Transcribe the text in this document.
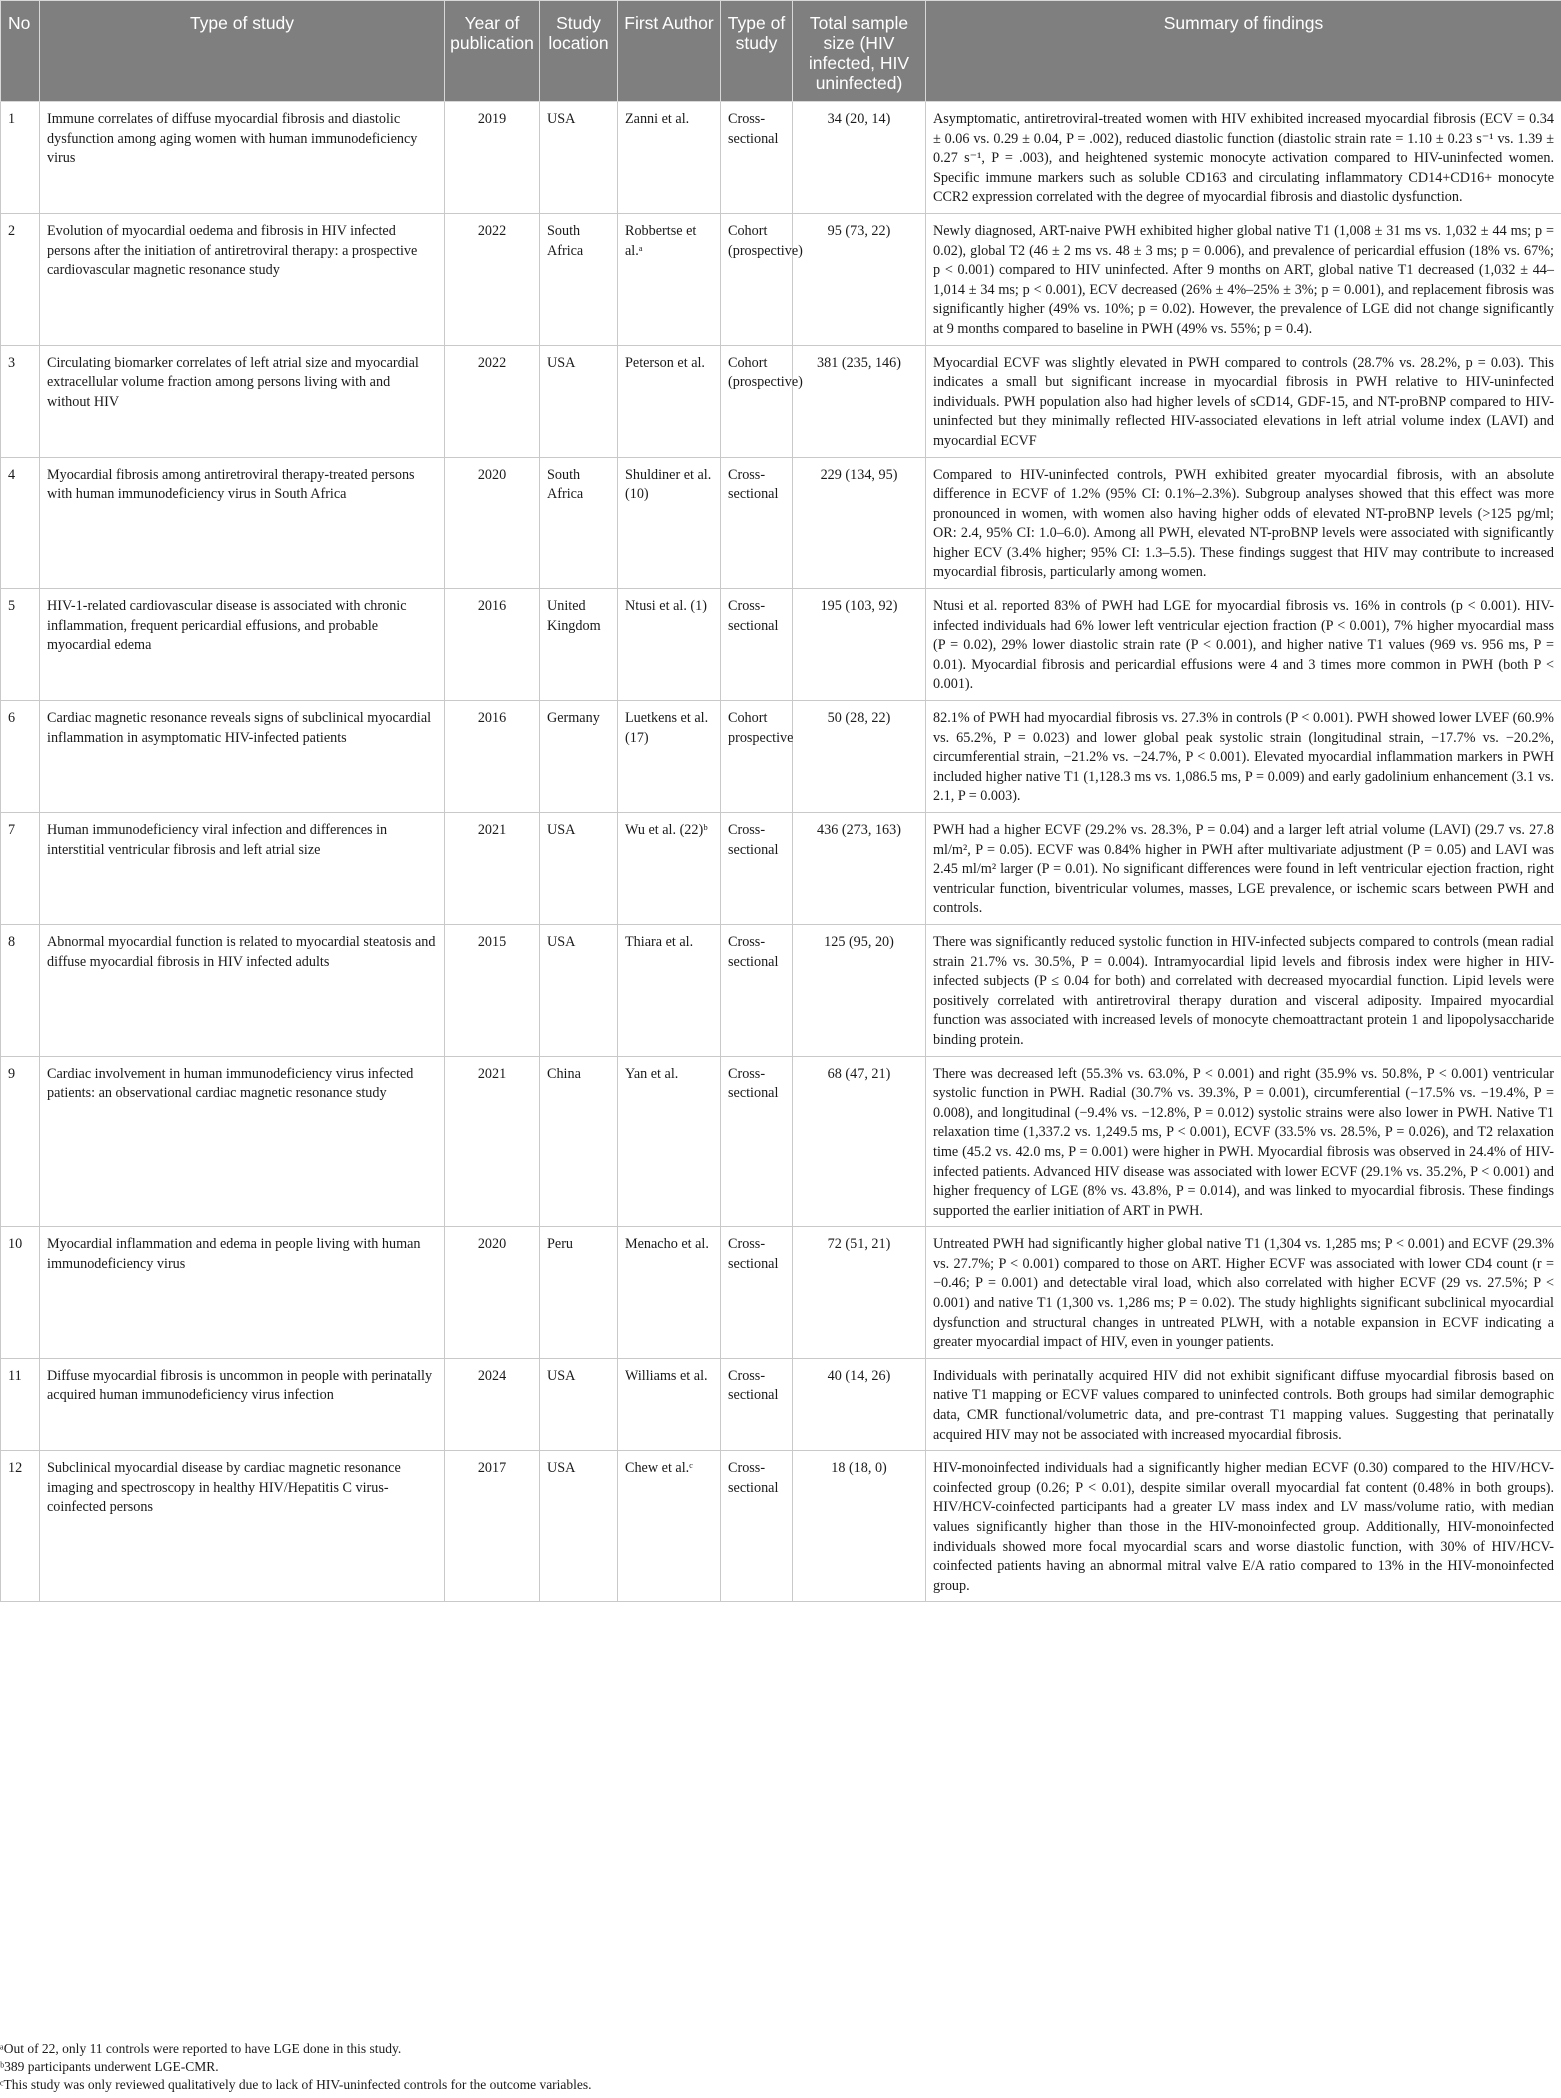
No	Type of study	Year of publication	Study location	First Author	Type of study	Total sample size (HIV infected, HIV uninfected)	Summary of findings
1	Immune correlates of diffuse myocardial fibrosis and diastolic dysfunction among aging women with human immunodeficiency virus	2019	USA	Zanni et al.	Cross-sectional	34 (20, 14)	Asymptomatic, antiretroviral-treated women with HIV exhibited increased myocardial fibrosis (ECV = 0.34 ± 0.06 vs. 0.29 ± 0.04, P = .002), reduced diastolic function (diastolic strain rate = 1.10 ± 0.23 s⁻¹ vs. 1.39 ± 0.27 s⁻¹, P = .003), and heightened systemic monocyte activation compared to HIV-uninfected women. Specific immune markers such as soluble CD163 and circulating inflammatory CD14+CD16+ monocyte CCR2 expression correlated with the degree of myocardial fibrosis and diastolic dysfunction.
2	Evolution of myocardial oedema and fibrosis in HIV infected persons after the initiation of antiretroviral therapy: a prospective cardiovascular magnetic resonance study	2022	South Africa	Robbertse et al.ᵃ	Cohort (prospective)	95 (73, 22)	Newly diagnosed, ART-naive PWH exhibited higher global native T1 (1,008 ± 31 ms vs. 1,032 ± 44 ms; p = 0.02), global T2 (46 ± 2 ms vs. 48 ± 3 ms; p = 0.006), and prevalence of pericardial effusion (18% vs. 67%; p < 0.001) compared to HIV uninfected. After 9 months on ART, global native T1 decreased (1,032 ± 44–1,014 ± 34 ms; p < 0.001), ECV decreased (26% ± 4%–25% ± 3%; p = 0.001), and replacement fibrosis was significantly higher (49% vs. 10%; p = 0.02). However, the prevalence of LGE did not change significantly at 9 months compared to baseline in PWH (49% vs. 55%; p = 0.4).
3	Circulating biomarker correlates of left atrial size and myocardial extracellular volume fraction among persons living with and without HIV	2022	USA	Peterson et al.	Cohort (prospective)	381 (235, 146)	Myocardial ECVF was slightly elevated in PWH compared to controls (28.7% vs. 28.2%, p = 0.03). This indicates a small but significant increase in myocardial fibrosis in PWH relative to HIV-uninfected individuals. PWH population also had higher levels of sCD14, GDF-15, and NT-proBNP compared to HIV-uninfected but they minimally reflected HIV-associated elevations in left atrial volume index (LAVI) and myocardial ECVF
4	Myocardial fibrosis among antiretroviral therapy-treated persons with human immunodeficiency virus in South Africa	2020	South Africa	Shuldiner et al. (10)	Cross-sectional	229 (134, 95)	Compared to HIV-uninfected controls, PWH exhibited greater myocardial fibrosis, with an absolute difference in ECVF of 1.2% (95% CI: 0.1%–2.3%). Subgroup analyses showed that this effect was more pronounced in women, with women also having higher odds of elevated NT-proBNP levels (>125 pg/ml; OR: 2.4, 95% CI: 1.0–6.0). Among all PWH, elevated NT-proBNP levels were associated with significantly higher ECV (3.4% higher; 95% CI: 1.3–5.5). These findings suggest that HIV may contribute to increased myocardial fibrosis, particularly among women.
5	HIV-1-related cardiovascular disease is associated with chronic inflammation, frequent pericardial effusions, and probable myocardial edema	2016	United Kingdom	Ntusi et al. (1)	Cross-sectional	195 (103, 92)	Ntusi et al. reported 83% of PWH had LGE for myocardial fibrosis vs. 16% in controls (p < 0.001). HIV-infected individuals had 6% lower left ventricular ejection fraction (P < 0.001), 7% higher myocardial mass (P = 0.02), 29% lower diastolic strain rate (P < 0.001), and higher native T1 values (969 vs. 956 ms, P = 0.01). Myocardial fibrosis and pericardial effusions were 4 and 3 times more common in PWH (both P < 0.001).
6	Cardiac magnetic resonance reveals signs of subclinical myocardial inflammation in asymptomatic HIV-infected patients	2016	Germany	Luetkens et al. (17)	Cohort prospective	50 (28, 22)	82.1% of PWH had myocardial fibrosis vs. 27.3% in controls (P < 0.001). PWH showed lower LVEF (60.9% vs. 65.2%, P = 0.023) and lower global peak systolic strain (longitudinal strain, −17.7% vs. −20.2%, circumferential strain, −21.2% vs. −24.7%, P < 0.001). Elevated myocardial inflammation markers in PWH included higher native T1 (1,128.3 ms vs. 1,086.5 ms, P = 0.009) and early gadolinium enhancement (3.1 vs. 2.1, P = 0.003).
7	Human immunodeficiency viral infection and differences in interstitial ventricular fibrosis and left atrial size	2021	USA	Wu et al. (22)ᵇ	Cross-sectional	436 (273, 163)	PWH had a higher ECVF (29.2% vs. 28.3%, P = 0.04) and a larger left atrial volume (LAVI) (29.7 vs. 27.8 ml/m², P = 0.05). ECVF was 0.84% higher in PWH after multivariate adjustment (P = 0.05) and LAVI was 2.45 ml/m² larger (P = 0.01). No significant differences were found in left ventricular ejection fraction, right ventricular function, biventricular volumes, masses, LGE prevalence, or ischemic scars between PWH and controls.
8	Abnormal myocardial function is related to myocardial steatosis and diffuse myocardial fibrosis in HIV infected adults	2015	USA	Thiara et al.	Cross-sectional	125 (95, 20)	There was significantly reduced systolic function in HIV-infected subjects compared to controls (mean radial strain 21.7% vs. 30.5%, P = 0.004). Intramyocardial lipid levels and fibrosis index were higher in HIV-infected subjects (P ≤ 0.04 for both) and correlated with decreased myocardial function. Lipid levels were positively correlated with antiretroviral therapy duration and visceral adiposity. Impaired myocardial function was associated with increased levels of monocyte chemoattractant protein 1 and lipopolysaccharide binding protein.
9	Cardiac involvement in human immunodeficiency virus infected patients: an observational cardiac magnetic resonance study	2021	China	Yan et al.	Cross-sectional	68 (47, 21)	There was decreased left (55.3% vs. 63.0%, P < 0.001) and right (35.9% vs. 50.8%, P < 0.001) ventricular systolic function in PWH. Radial (30.7% vs. 39.3%, P = 0.001), circumferential (−17.5% vs. −19.4%, P = 0.008), and longitudinal (−9.4% vs. −12.8%, P = 0.012) systolic strains were also lower in PWH. Native T1 relaxation time (1,337.2 vs. 1,249.5 ms, P < 0.001), ECVF (33.5% vs. 28.5%, P = 0.026), and T2 relaxation time (45.2 vs. 42.0 ms, P = 0.001) were higher in PWH. Myocardial fibrosis was observed in 24.4% of HIV-infected patients. Advanced HIV disease was associated with lower ECVF (29.1% vs. 35.2%, P < 0.001) and higher frequency of LGE (8% vs. 43.8%, P = 0.014), and was linked to myocardial fibrosis. These findings supported the earlier initiation of ART in PWH.
10	Myocardial inflammation and edema in people living with human immunodeficiency virus	2020	Peru	Menacho et al.	Cross-sectional	72 (51, 21)	Untreated PWH had significantly higher global native T1 (1,304 vs. 1,285 ms; P < 0.001) and ECVF (29.3% vs. 27.7%; P < 0.001) compared to those on ART. Higher ECVF was associated with lower CD4 count (r = −0.46; P = 0.001) and detectable viral load, which also correlated with higher ECVF (29 vs. 27.5%; P < 0.001) and native T1 (1,300 vs. 1,286 ms; P = 0.02). The study highlights significant subclinical myocardial dysfunction and structural changes in untreated PLWH, with a notable expansion in ECVF indicating a greater myocardial impact of HIV, even in younger patients.
11	Diffuse myocardial fibrosis is uncommon in people with perinatally acquired human immunodeficiency virus infection	2024	USA	Williams et al.	Cross-sectional	40 (14, 26)	Individuals with perinatally acquired HIV did not exhibit significant diffuse myocardial fibrosis based on native T1 mapping or ECVF values compared to uninfected controls. Both groups had similar demographic data, CMR functional/volumetric data, and pre-contrast T1 mapping values. Suggesting that perinatally acquired HIV may not be associated with increased myocardial fibrosis.
12	Subclinical myocardial disease by cardiac magnetic resonance imaging and spectroscopy in healthy HIV/Hepatitis C virus-coinfected persons	2017	USA	Chew et al.ᶜ	Cross-sectional	18 (18, 0)	HIV-monoinfected individuals had a significantly higher median ECVF (0.30) compared to the HIV/HCV-coinfected group (0.26; P < 0.01), despite similar overall myocardial fat content (0.48% in both groups). HIV/HCV-coinfected participants had a greater LV mass index and LV mass/volume ratio, with median values significantly higher than those in the HIV-monoinfected group. Additionally, HIV-monoinfected individuals showed more focal myocardial scars and worse diastolic function, with 30% of HIV/HCV-coinfected patients having an abnormal mitral valve E/A ratio compared to 13% in the HIV-monoinfected group.
ᵃOut of 22, only 11 controls were reported to have LGE done in this study.
ᵇ389 participants underwent LGE-CMR.
ᶜThis study was only reviewed qualitatively due to lack of HIV-uninfected controls for the outcome variables.
